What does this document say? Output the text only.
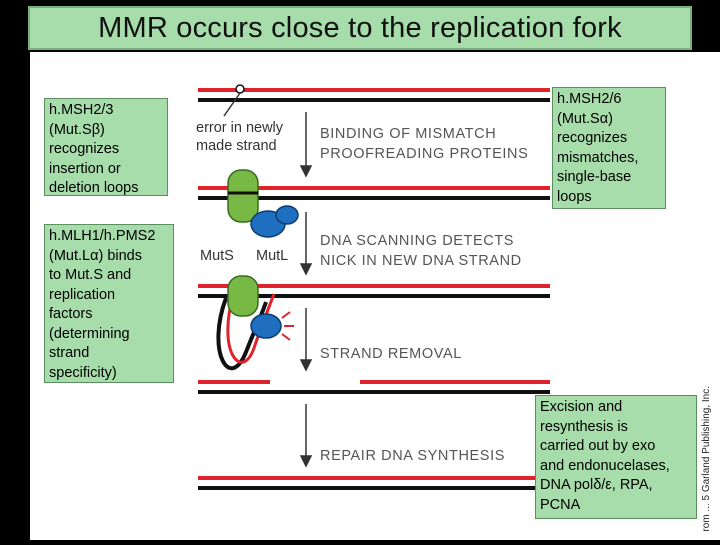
MMR occurs close to the replication fork
error in newly
made strand
MutS MutL
BINDING OF MISMATCH
PROOFREADING PROTEINS
DNA SCANNING DETECTS
NICK IN NEW DNA STRAND
STRAND REMOVAL
REPAIR DNA SYNTHESIS	rom ... 5 Garland Publishing, Inc.
h.MSH2/3
(Mut.Sβ)
recognizes
insertion or
deletion loops
h.MLH1/h.PMS2
(Mut.Lα) binds
to Mut.S and
replication
factors
(determining
strand
specificity)
h.MSH2/6
(Mut.Sα)
recognizes
mismatches,
single-base
loops
Excision and
resynthesis is
carried out by exo
and endonucelases,
DNA polδ/ε, RPA,
PCNA
